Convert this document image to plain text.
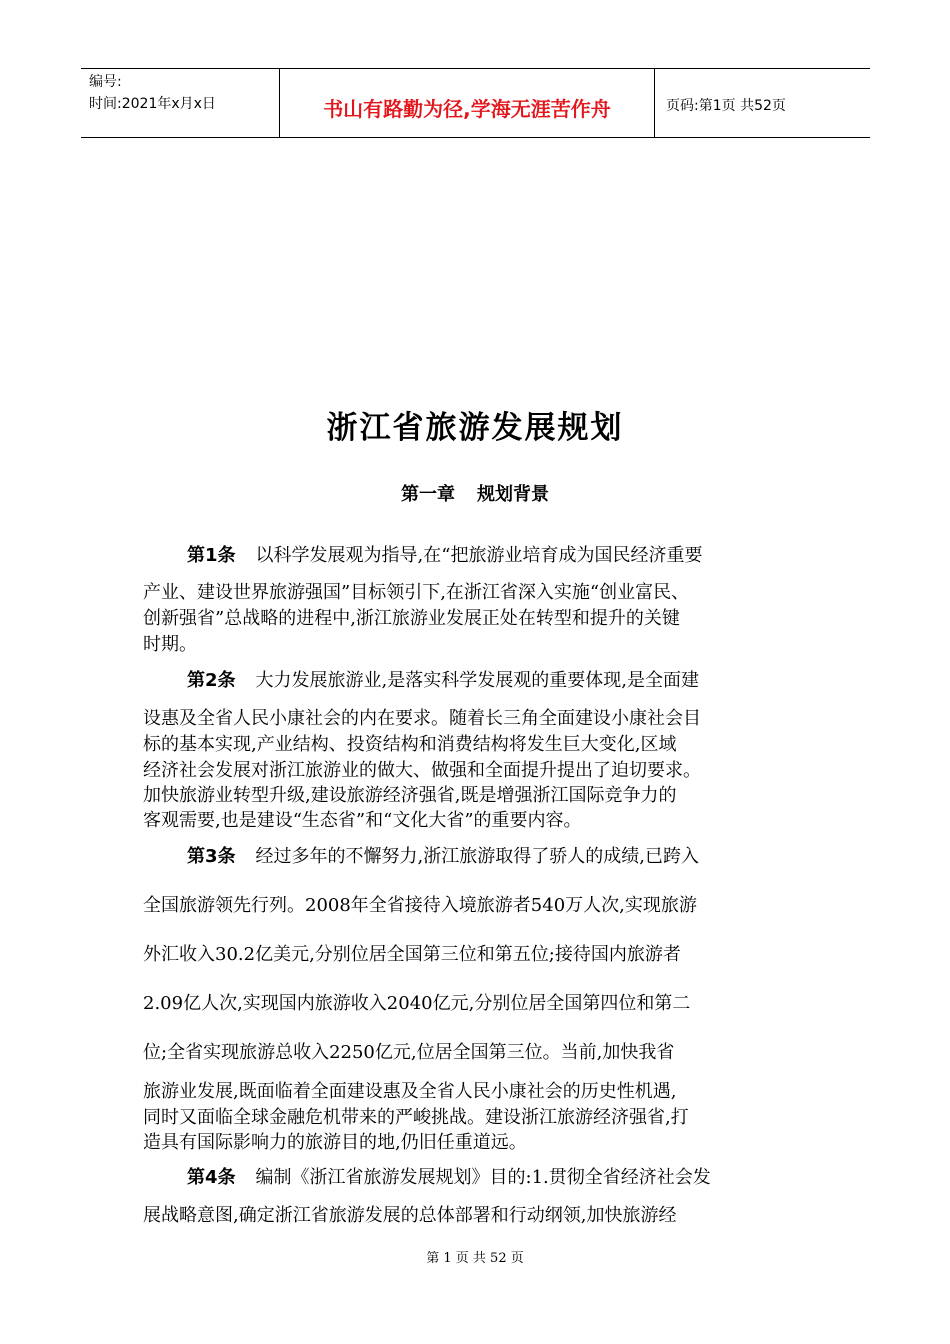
编号:
时间:2021年x月x日	书山有路勤为径,学海无涯苦作舟	页码:第1页 共52页
浙江省旅游发展规划
第一章 规划背景
第1条 以科学发展观为指导,在“把旅游业培育成为国民经济重要
产业、建设世界旅游强国”目标领引下,在浙江省深入实施“创业富民、
创新强省”总战略的进程中,浙江旅游业发展正处在转型和提升的关键
时期。
第2条 大力发展旅游业,是落实科学发展观的重要体现,是全面建
设惠及全省人民小康社会的内在要求。随着长三角全面建设小康社会目
标的基本实现,产业结构、投资结构和消费结构将发生巨大变化,区域
经济社会发展对浙江旅游业的做大、做强和全面提升提出了迫切要求。
加快旅游业转型升级,建设旅游经济强省,既是增强浙江国际竞争力的
客观需要,也是建设“生态省”和“文化大省”的重要内容。
第3条 经过多年的不懈努力,浙江旅游取得了骄人的成绩,已跨入
全国旅游领先行列。2008年全省接待入境旅游者540万人次,实现旅游
外汇收入30.2亿美元,分别位居全国第三位和第五位;接待国内旅游者
2.09亿人次,实现国内旅游收入2040亿元,分别位居全国第四位和第二
位;全省实现旅游总收入2250亿元,位居全国第三位。当前,加快我省
旅游业发展,既面临着全面建设惠及全省人民小康社会的历史性机遇,
同时又面临全球金融危机带来的严峻挑战。建设浙江旅游经济强省,打
造具有国际影响力的旅游目的地,仍旧任重道远。
第4条 编制《浙江省旅游发展规划》目的:1.贯彻全省经济社会发
展战略意图,确定浙江省旅游发展的总体部署和行动纲领,加快旅游经
第 1 页 共 52 页
